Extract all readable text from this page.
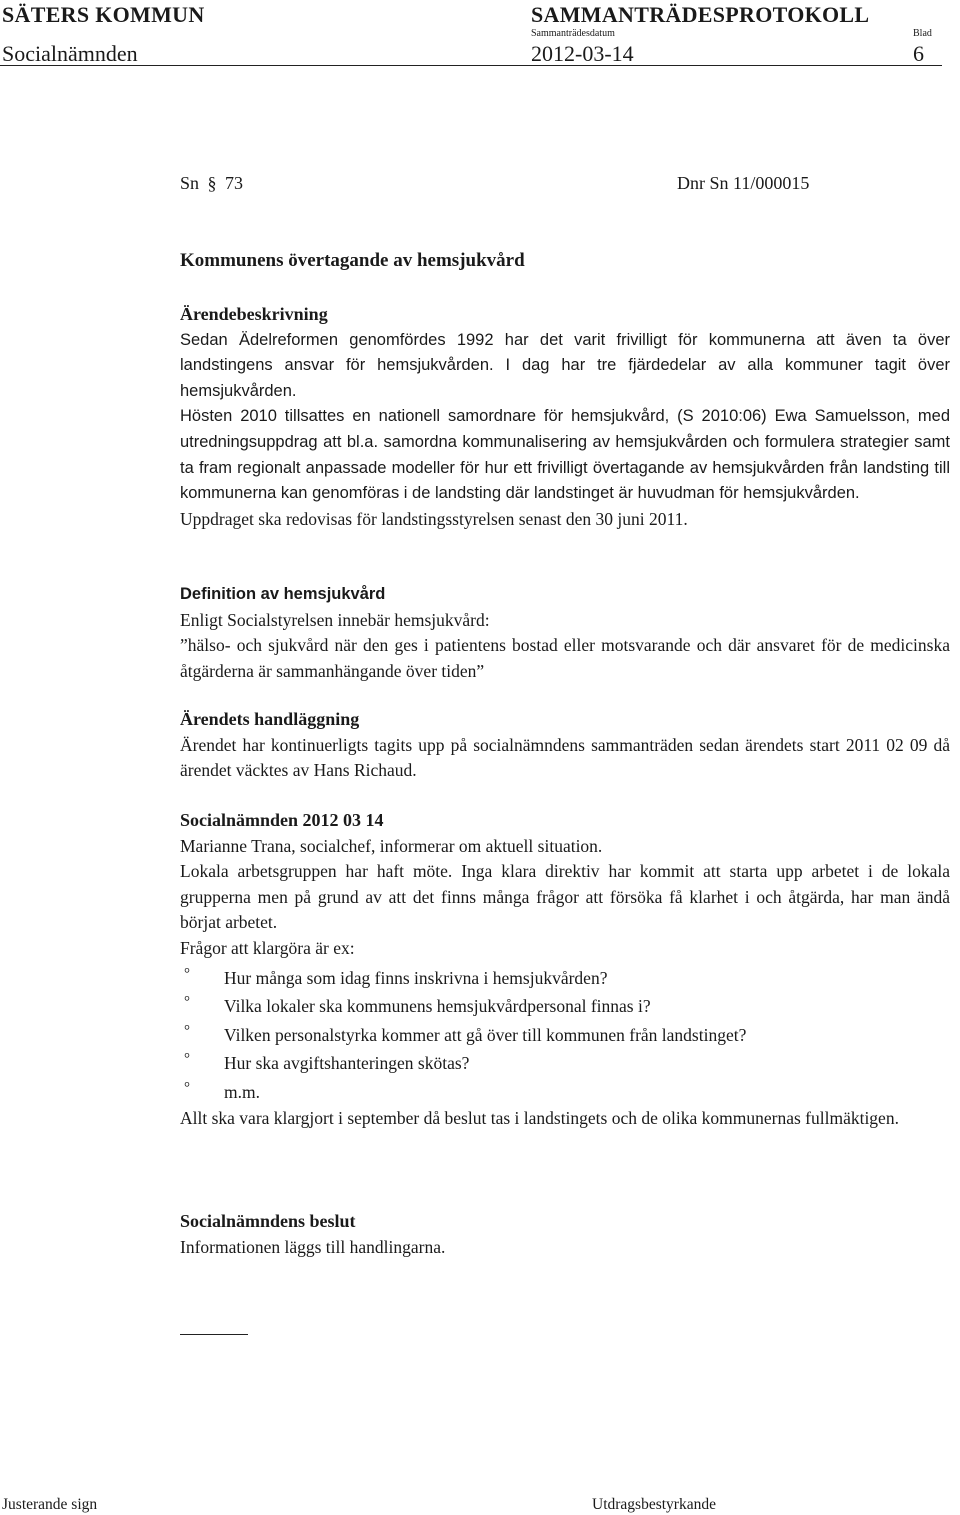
SÄTERS KOMMUN	SAMMANTRÄDESPROTOKOLL
Socialnämnden
Sammanträdesdatum
2012-03-14
Blad
6
Sn § 73	Dnr Sn 11/000015
Kommunens övertagande av hemsjukvård

Ärendebeskrivning

Sedan Ädelreformen genomfördes 1992 har det varit frivilligt för kommunerna att även ta över landstingens ansvar för hemsjukvården. I dag har tre fjärdedelar av alla kommuner tagit över hemsjukvården.

Hösten 2010 tillsattes en nationell samordnare för hemsjukvård, (S 2010:06) Ewa Samuelsson, med utredningsuppdrag att bl.a. samordna kommunalisering av hemsjukvården och formulera strategier samt ta fram regionalt anpassade modeller för hur ett frivilligt övertagande av hemsjukvården från landsting till kommunerna kan genomföras i de landsting där landstinget är huvudman för hemsjukvården.

Uppdraget ska redovisas för landstingsstyrelsen senast den 30 juni 2011.

Definition av hemsjukvård

Enligt Socialstyrelsen innebär hemsjukvård:

”hälso- och sjukvård när den ges i patientens bostad eller motsvarande och där ansvaret för de medicinska åtgärderna är sammanhängande över tiden”

Ärendets handläggning

Ärendet har kontinuerligts tagits upp på socialnämndens sammanträden sedan ärendets start 2011 02 09 då ärendet väcktes av Hans Richaud.

Socialnämnden 2012 03 14

Marianne Trana, socialchef, informerar om aktuell situation.

Lokala arbetsgruppen har haft möte. Inga klara direktiv har kommit att starta upp arbetet i de lokala grupperna men på grund av att det finns många frågor att försöka få klarhet i och åtgärda, har man ändå börjat arbetet.

Frågor att klargöra är ex:

° Hur många som idag finns inskrivna i hemsjukvården?
° Vilka lokaler ska kommunens hemsjukvårdpersonal finnas i?
° Vilken personalstyrka kommer att gå över till kommunen från landstinget?
° Hur ska avgiftshanteringen skötas?
° m.m.

Allt ska vara klargjort i september då beslut tas i landstingets och de olika kommunernas fullmäktigen.

Socialnämndens beslut

Informationen läggs till handlingarna.

Justerande sign	Utdragsbestyrkande
